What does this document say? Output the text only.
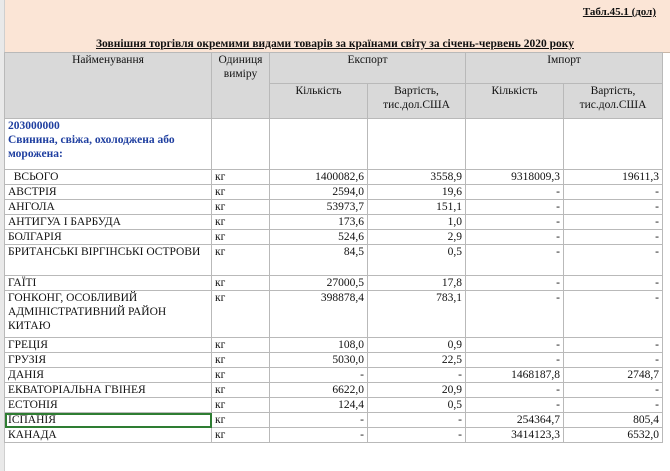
Табл.45.1 (дол)
Зовнішня торгівля окремими видами товарів за країнами світу за січень-червень 2020 року
Найменування	Одиниця виміру	Експорт		Імпорт	
		Кількість	Вартість, тис.дол.США	Кількість	Вартість, тис.дол.США

203000000
Свинина, свіжа, охолоджена або морожена:					

ВСЬОГО	кг	1400082,6	3558,9	9318009,3	19611,3
АВСТРІЯ	кг	2594,0	19,6	-	-
АНГОЛА	кг	53973,7	151,1	-	-
АНТИГУА І БАРБУДА	кг	173,6	1,0	-	-
БОЛГАРІЯ	кг	524,6	2,9	-	-
БРИТАНСЬКІ ВІРГІНСЬКІ ОСТРОВИ	кг	84,5	0,5	-	-
ГАЇТІ	кг	27000,5	17,8	-	-
ГОНКОНГ, ОСОБЛИВИЙ АДМІНІСТРАТИВНИЙ РАЙОН КИТАЮ	кг	398878,4	783,1	-	-
ГРЕЦІЯ	кг	108,0	0,9	-	-
ГРУЗІЯ	кг	5030,0	22,5	-	-
ДАНІЯ	кг	-	-	1468187,8	2748,7
ЕКВАТОРІАЛЬНА ГВІНЕЯ	кг	6622,0	20,9	-	-
ЕСТОНІЯ	кг	124,4	0,5	-	-
ІСПАНІЯ	кг	-	-	254364,7	805,4
КАНАДА	кг	-	-	3414123,3	6532,0
